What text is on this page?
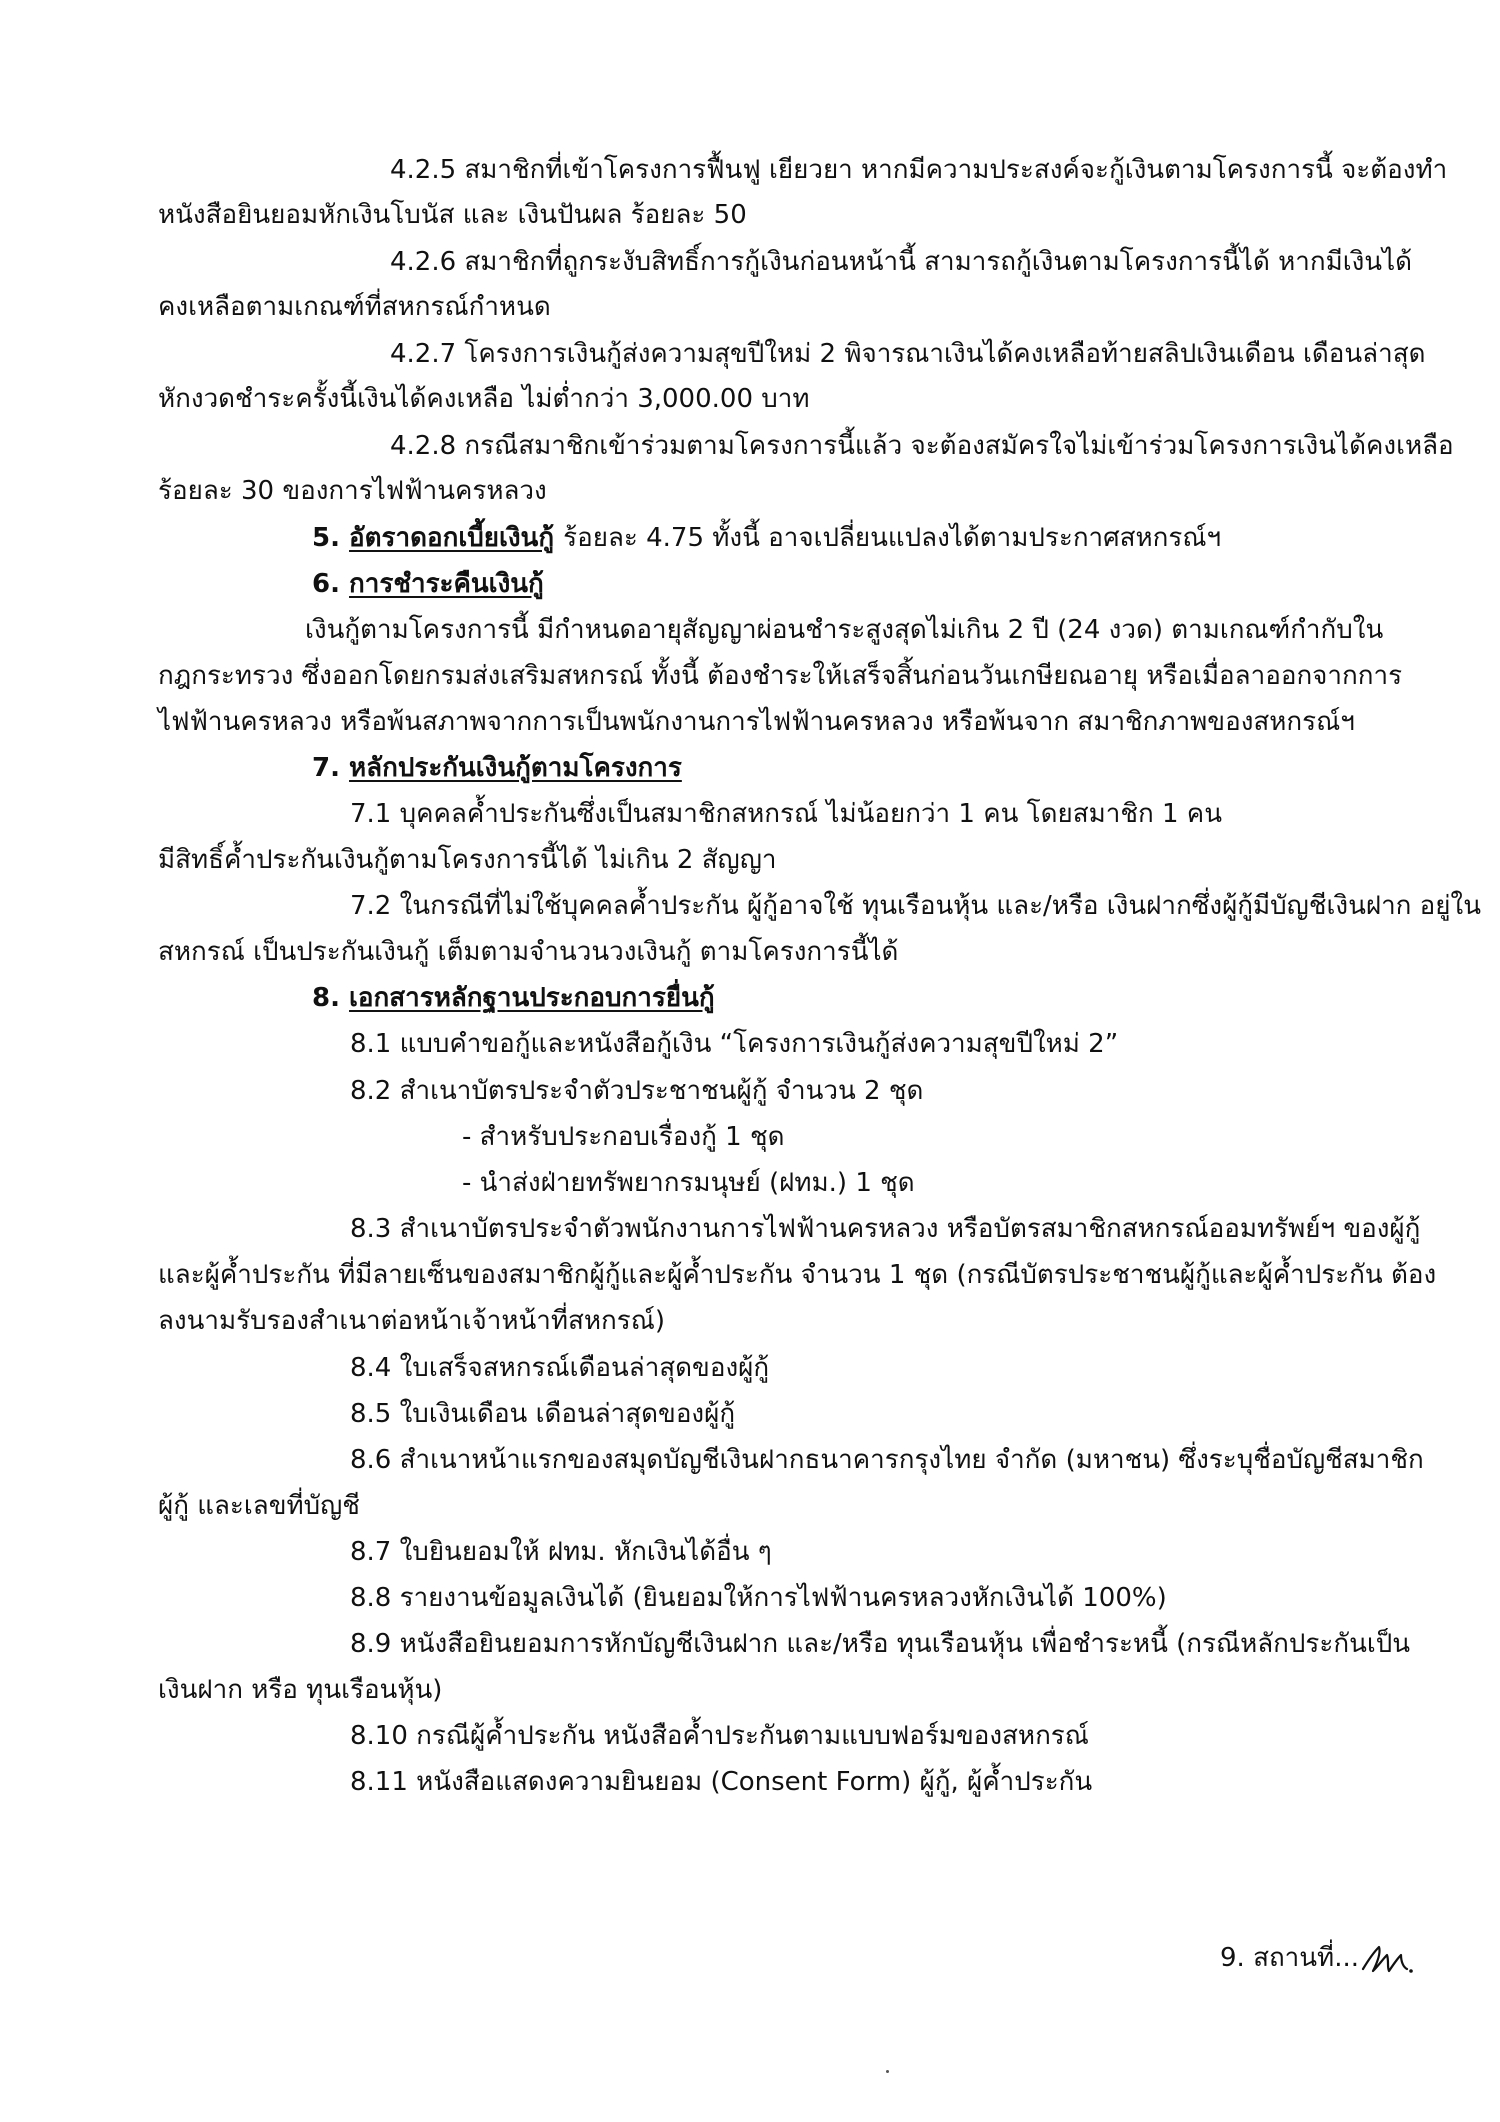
4.2.5 สมาชิกที่เข้าโครงการฟื้นฟู เยียวยา หากมีความประสงค์จะกู้เงินตามโครงการนี้ จะต้องทำ
หนังสือยินยอมหักเงินโบนัส และ เงินปันผล ร้อยละ 50
4.2.6 สมาชิกที่ถูกระงับสิทธิ์การกู้เงินก่อนหน้านี้ สามารถกู้เงินตามโครงการนี้ได้ หากมีเงินได้
คงเหลือตามเกณฑ์ที่สหกรณ์กำหนด
4.2.7 โครงการเงินกู้ส่งความสุขปีใหม่ 2 พิจารณาเงินได้คงเหลือท้ายสลิปเงินเดือน เดือนล่าสุด
หักงวดชำระครั้งนี้เงินได้คงเหลือ ไม่ต่ำกว่า 3,000.00 บาท
4.2.8 กรณีสมาชิกเข้าร่วมตามโครงการนี้แล้ว จะต้องสมัครใจไม่เข้าร่วมโครงการเงินได้คงเหลือ
ร้อยละ 30 ของการไฟฟ้านครหลวง
5. อัตราดอกเบี้ยเงินกู้ ร้อยละ 4.75 ทั้งนี้ อาจเปลี่ยนแปลงได้ตามประกาศสหกรณ์ฯ
6. การชำระคืนเงินกู้
เงินกู้ตามโครงการนี้ มีกำหนดอายุสัญญาผ่อนชำระสูงสุดไม่เกิน 2 ปี (24 งวด) ตามเกณฑ์กำกับใน
กฎกระทรวง ซึ่งออกโดยกรมส่งเสริมสหกรณ์ ทั้งนี้ ต้องชำระให้เสร็จสิ้นก่อนวันเกษียณอายุ หรือเมื่อลาออกจากการ
ไฟฟ้านครหลวง หรือพ้นสภาพจากการเป็นพนักงานการไฟฟ้านครหลวง หรือพ้นจาก สมาชิกภาพของสหกรณ์ฯ
7. หลักประกันเงินกู้ตามโครงการ
7.1 บุคคลค้ำประกันซึ่งเป็นสมาชิกสหกรณ์ ไม่น้อยกว่า 1 คน โดยสมาชิก 1 คน
มีสิทธิ์ค้ำประกันเงินกู้ตามโครงการนี้ได้ ไม่เกิน 2 สัญญา
7.2 ในกรณีที่ไม่ใช้บุคคลค้ำประกัน ผู้กู้อาจใช้ ทุนเรือนหุ้น และ/หรือ เงินฝากซึ่งผู้กู้มีบัญชีเงินฝาก อยู่ใน
สหกรณ์ เป็นประกันเงินกู้ เต็มตามจำนวนวงเงินกู้ ตามโครงการนี้ได้
8. เอกสารหลักฐานประกอบการยื่นกู้
8.1 แบบคำขอกู้และหนังสือกู้เงิน “โครงการเงินกู้ส่งความสุขปีใหม่ 2”
8.2 สำเนาบัตรประจำตัวประชาชนผู้กู้ จำนวน 2 ชุด
- สำหรับประกอบเรื่องกู้ 1 ชุด
- นำส่งฝ่ายทรัพยากรมนุษย์ (ฝทม.) 1 ชุด
8.3 สำเนาบัตรประจำตัวพนักงานการไฟฟ้านครหลวง หรือบัตรสมาชิกสหกรณ์ออมทรัพย์ฯ ของผู้กู้
และผู้ค้ำประกัน ที่มีลายเซ็นของสมาชิกผู้กู้และผู้ค้ำประกัน จำนวน 1 ชุด (กรณีบัตรประชาชนผู้กู้และผู้ค้ำประกัน ต้อง
ลงนามรับรองสำเนาต่อหน้าเจ้าหน้าที่สหกรณ์)
8.4 ใบเสร็จสหกรณ์เดือนล่าสุดของผู้กู้
8.5 ใบเงินเดือน เดือนล่าสุดของผู้กู้
8.6 สำเนาหน้าแรกของสมุดบัญชีเงินฝากธนาคารกรุงไทย จำกัด (มหาชน) ซึ่งระบุชื่อบัญชีสมาชิก
ผู้กู้ และเลขที่บัญชี
8.7 ใบยินยอมให้ ฝทม. หักเงินได้อื่น ๆ
8.8 รายงานข้อมูลเงินได้ (ยินยอมให้การไฟฟ้านครหลวงหักเงินได้ 100%)
8.9 หนังสือยินยอมการหักบัญชีเงินฝาก และ/หรือ ทุนเรือนหุ้น เพื่อชำระหนี้ (กรณีหลักประกันเป็น
เงินฝาก หรือ ทุนเรือนหุ้น)
8.10 กรณีผู้ค้ำประกัน หนังสือค้ำประกันตามแบบฟอร์มของสหกรณ์
8.11 หนังสือแสดงความยินยอม (Consent Form) ผู้กู้, ผู้ค้ำประกัน
9. สถานที่...
